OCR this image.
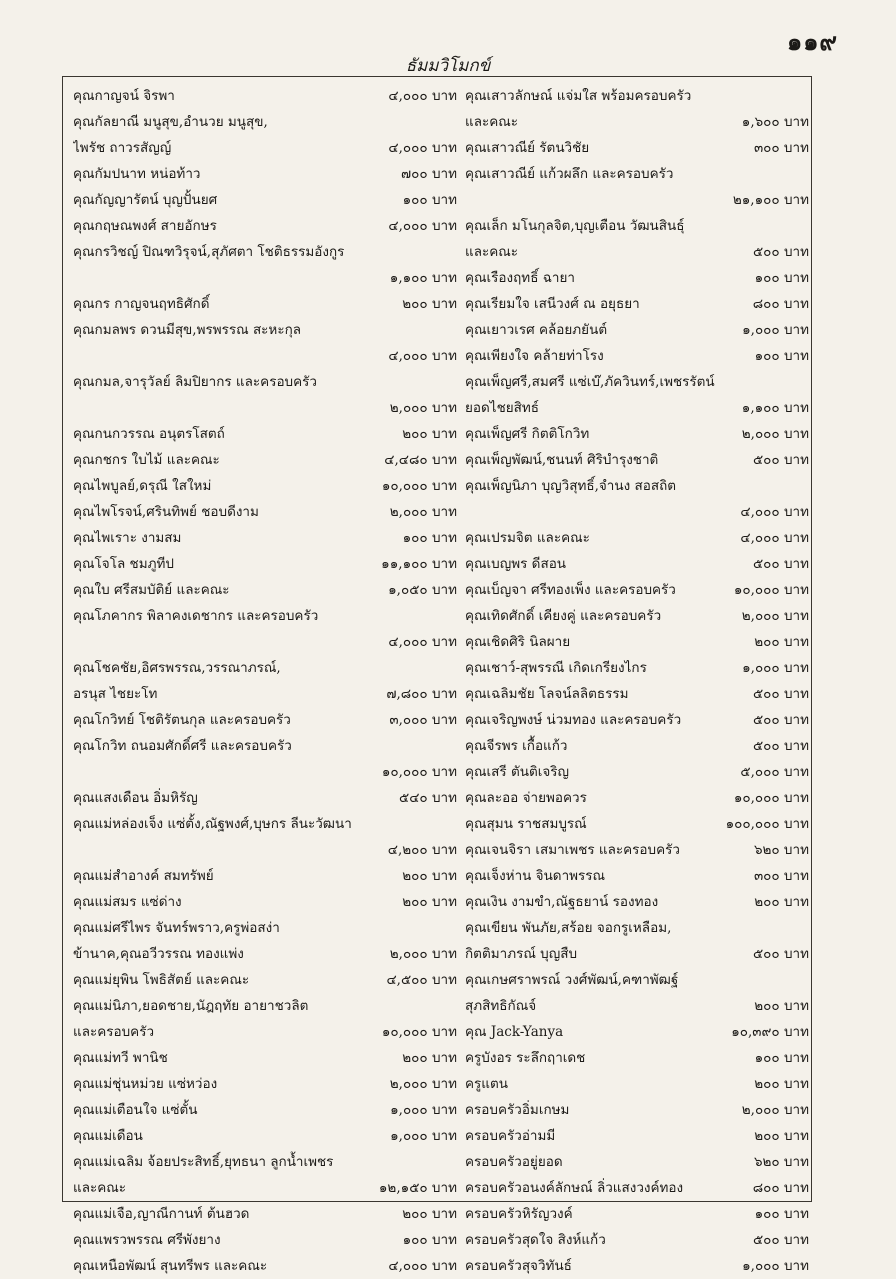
๑๑๙
ธัมมวิโมกข์
คุณกาญจน์ จิรพา	๔,๐๐๐ บาท
คุณกัลยาณี มนูสุข,อำนวย มนูสุข,
ไพรัช ถาวรสัญญ์	๔,๐๐๐ บาท
คุณกัมปนาท หน่อท้าว	๗๐๐ บาท
คุณกัญญารัตน์ บุญปั้นยศ	๑๐๐ บาท
คุณกฤษณพงศ์ สายอักษร	๔,๐๐๐ บาท
คุณกรวิชญ์ ปิณฑวิรุจน์,สุภัศตา โชติธรรมอังกูร
๑,๑๐๐ บาท
คุณกร กาญจนฤทธิศักดิ์	๒๐๐ บาท
คุณกมลพร ดวนมีสุข,พรพรรณ สะหะกุล
๔,๐๐๐ บาท
คุณกมล,จารุวัลย์ ลิมปิยากร และครอบครัว
๒,๐๐๐ บาท
คุณกนกวรรณ อนุตรโสตถ์	๒๐๐ บาท
คุณกชกร ใบไม้ และคณะ	๔,๔๘๐ บาท
คุณไพบูลย์,ดรุณี ใสใหม่	๑๐,๐๐๐ บาท
คุณไพโรจน์,ศรินทิพย์ ชอบดีงาม	๒,๐๐๐ บาท
คุณไพเราะ งามสม	๑๐๐ บาท
คุณโจโล ชมภูทีป	๑๑,๑๐๐ บาท
คุณใบ ศรีสมบัติย์ และคณะ	๑,๐๕๐ บาท
คุณโภคากร พิลาคงเดชากร และครอบครัว
๔,๐๐๐ บาท
คุณโชคชัย,อิศรพรรณ,วรรณาภรณ์,
อรนุส ไชยะโท	๗,๘๐๐ บาท
คุณโกวิทย์ โชติรัตนกุล และครอบครัว	๓,๐๐๐ บาท
คุณโกวิท ถนอมศักดิ์ศรี และครอบครัว
๑๐,๐๐๐ บาท
คุณแสงเดือน อิ่มหิรัญ	๕๔๐ บาท
คุณแม่หล่องเจ็ง แซ่ตั้ง,ณัฐพงศ์,บุษกร ลีนะวัฒนา
๔,๒๐๐ บาท
คุณแม่สำอางค์ สมทรัพย์	๒๐๐ บาท
คุณแม่สมร แซ่ด่าง	๒๐๐ บาท
คุณแม่ศรีไพร จันทร์พราว,ครูพ่อสง่า
ข้านาค,คุณอวีวรรณ ทองแพ่ง	๒,๐๐๐ บาท
คุณแม่ยุพิน โพธิสัตย์ และคณะ	๔,๕๐๐ บาท
คุณแม่นิภา,ยอดชาย,นัฎฤทัย อายาชวลิต
และครอบครัว	๑๐,๐๐๐ บาท
คุณแม่ทวี พานิช	๒๐๐ บาท
คุณแม่ชุ่นหม่วย แซ่หว่อง	๒,๐๐๐ บาท
คุณแม่เตือนใจ แซ่ตั้น	๑,๐๐๐ บาท
คุณแม่เดือน	๑,๐๐๐ บาท
คุณแม่เฉลิม จ้อยประสิทธิ์,ยุทธนา ลูกน้ำเพชร
และคณะ	๑๒,๑๕๐ บาท
คุณแม่เจือ,ญาณีกานท์ ต้นฮวด	๒๐๐ บาท
คุณแพรวพรรณ ศรีพังยาง	๑๐๐ บาท
คุณเหนือพัฒน์ สุนทรีพร และคณะ	๔,๐๐๐ บาท
คุณเสาวลักษณ์ แจ่มใส พร้อมครอบครัว
และคณะ	๑,๖๐๐ บาท
คุณเสาวณีย์ รัตนวิชัย	๓๐๐ บาท
คุณเสาวณีย์ แก้วผลึก และครอบครัว
๒๑,๑๐๐ บาท
คุณเล็ก มโนกุลจิต,บุญเตือน วัฒนสินธุ์
และคณะ	๕๐๐ บาท
คุณเรืองฤทธิ์ ฉายา	๑๐๐ บาท
คุณเรียมใจ เสนีวงศ์ ณ อยุธยา	๘๐๐ บาท
คุณเยาวเรศ คล้อยภยันต์	๑,๐๐๐ บาท
คุณเพียงใจ คล้ายท่าโรง	๑๐๐ บาท
คุณเพ็ญศรี,สมศรี แซ่เบ๊,ภัควินทร์,เพชรรัตน์
ยอดไชยสิทธ์	๑,๑๐๐ บาท
คุณเพ็ญศรี กิตติโกวิท	๒,๐๐๐ บาท
คุณเพ็ญพัฒน์,ชนนท์ ศิริบำรุงชาติ	๕๐๐ บาท
คุณเพ็ญนิภา บุญวิสุทธิ์,จำนง สอสถิต
๔,๐๐๐ บาท
คุณเปรมจิต และคณะ	๔,๐๐๐ บาท
คุณเบญพร ดีสอน	๕๐๐ บาท
คุณเบ็ญจา ศรีทองเพ็ง และครอบครัว	๑๐,๐๐๐ บาท
คุณเทิดศักดิ์ เคียงคู่ และครอบครัว	๒,๐๐๐ บาท
คุณเชิดศิริ นิลผาย	๒๐๐ บาท
คุณเชาว์-สุพรรณี เกิดเกรียงไกร	๑,๐๐๐ บาท
คุณเฉลิมชัย โลจน์ลลิตธรรม	๕๐๐ บาท
คุณเจริญพงษ์ น่วมทอง และครอบครัว	๕๐๐ บาท
คุณจีรพร เกื้อแก้ว	๕๐๐ บาท
คุณเสรี ตันติเจริญ	๕,๐๐๐ บาท
คุณละออ จ่ายพอควร	๑๐,๐๐๐ บาท
คุณสุมน ราชสมบูรณ์	๑๐๐,๐๐๐ บาท
คุณเจนจิรา เสมาเพชร และครอบครัว	๖๒๐ บาท
คุณเจ็งห่าน จินดาพรรณ	๓๐๐ บาท
คุณเงิน งามขำ,ณัฐธยาน์ รองทอง	๒๐๐ บาท
คุณเขียน พันภัย,สร้อย จอกรูเหลือม,
กิตติมาภรณ์ บุญสืบ	๕๐๐ บาท
คุณเกษศราพรณ์ วงศ์พัฒน์,คฑาพัฒฐ์
สุภสิทธิกัณจ์	๒๐๐ บาท
คุณ Jack-Yanya	๑๐,๓๙๐ บาท
ครูบังอร ระลึกฤาเดช	๑๐๐ บาท
ครูแตน	๒๐๐ บาท
ครอบครัวอิ่มเกษม	๒,๐๐๐ บาท
ครอบครัวอ่ามมี	๒๐๐ บาท
ครอบครัวอยู่ยอด	๖๒๐ บาท
ครอบครัวอนงค์ลักษณ์ ลิ่วแสงวงค์ทอง	๘๐๐ บาท
ครอบครัวหิรัญวงค์	๑๐๐ บาท
ครอบครัวสุดใจ สิงห์แก้ว	๕๐๐ บาท
ครอบครัวสุจวิทันธ์	๑,๐๐๐ บาท
